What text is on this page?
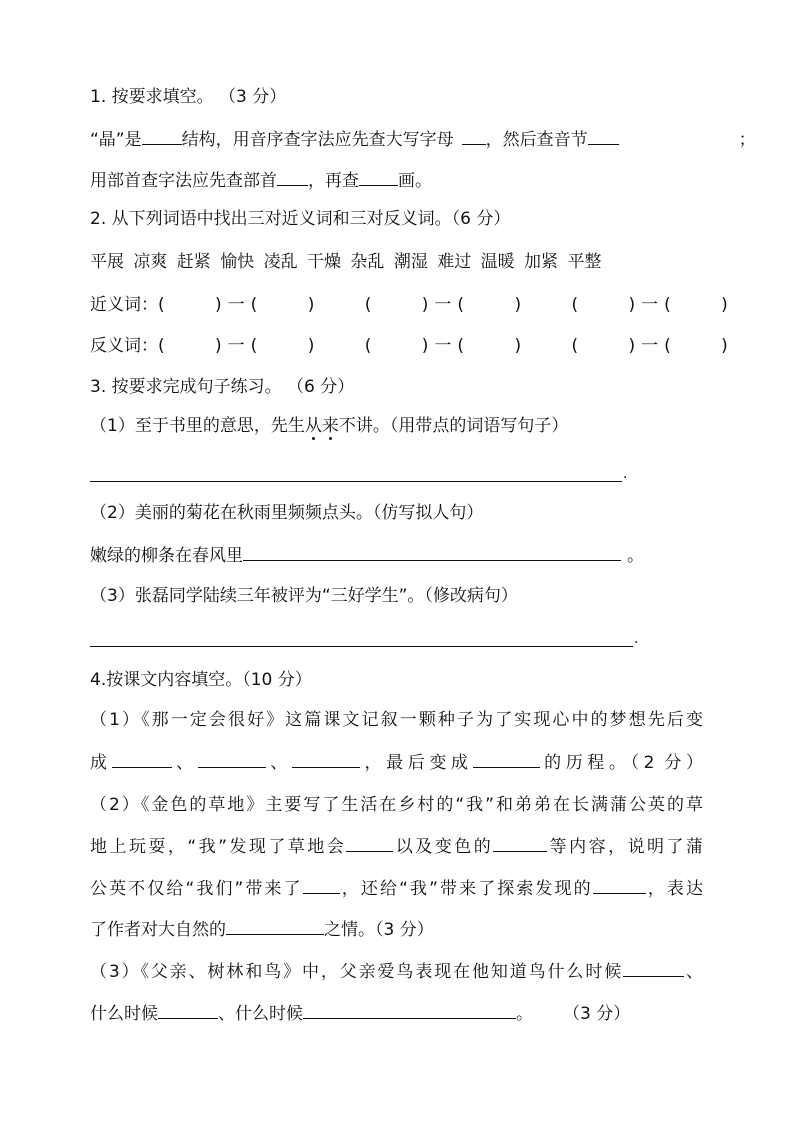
1. 按要求填空。 （3 分）
“晶”是 结构，用音序查字法应先查大写字母 ，然后查音节	；
用部首查字法应先查部首 ，再查 画。
2. 从下列词语中找出三对近义词和三对反义词。（6 分）
平展 凉爽 赶紧 愉快 凌乱 干燥 杂乱 潮湿 难过 温暖 加紧 平整
近义词：(　 )一(　 )　 (　 )一(　 )　 (　 )一(　 )
反义词：(　 )一(　 )　 (　 )一(　 )　 (　 )一(　 )
3. 按要求完成句子练习。 （6 分）
（1）至于书里的意思，先生从来不讲。（用带点的词语写句子）
.
（2）美丽的菊花在秋雨里频频点头。（仿写拟人句）
嫩绿的柳条在春风里	。
（3）张磊同学陆续三年被评为“三好学生”。（修改病句）
.
4.按课文内容填空。（10 分）
（1）《那一定会很好》这篇课文记叙一颗种子为了实现心中的梦想先后变
成	、	、	，最后变成	的历程。（2 分）
（2）《金色的草地》主要写了生活在乡村的“我”和弟弟在长满蒲公英的草
地上玩耍，“我”发现了草地会	以及变色的	等内容，说明了蒲
公英不仅给“我们”带来了 ，还给“我”带来了探索发现的	，表达
了作者对大自然的	之情。（3 分）
（3）《父亲、树林和鸟》中，父亲爱鸟表现在他知道鸟什么时候	、
什么时候	、什么时候	。 （3 分）
